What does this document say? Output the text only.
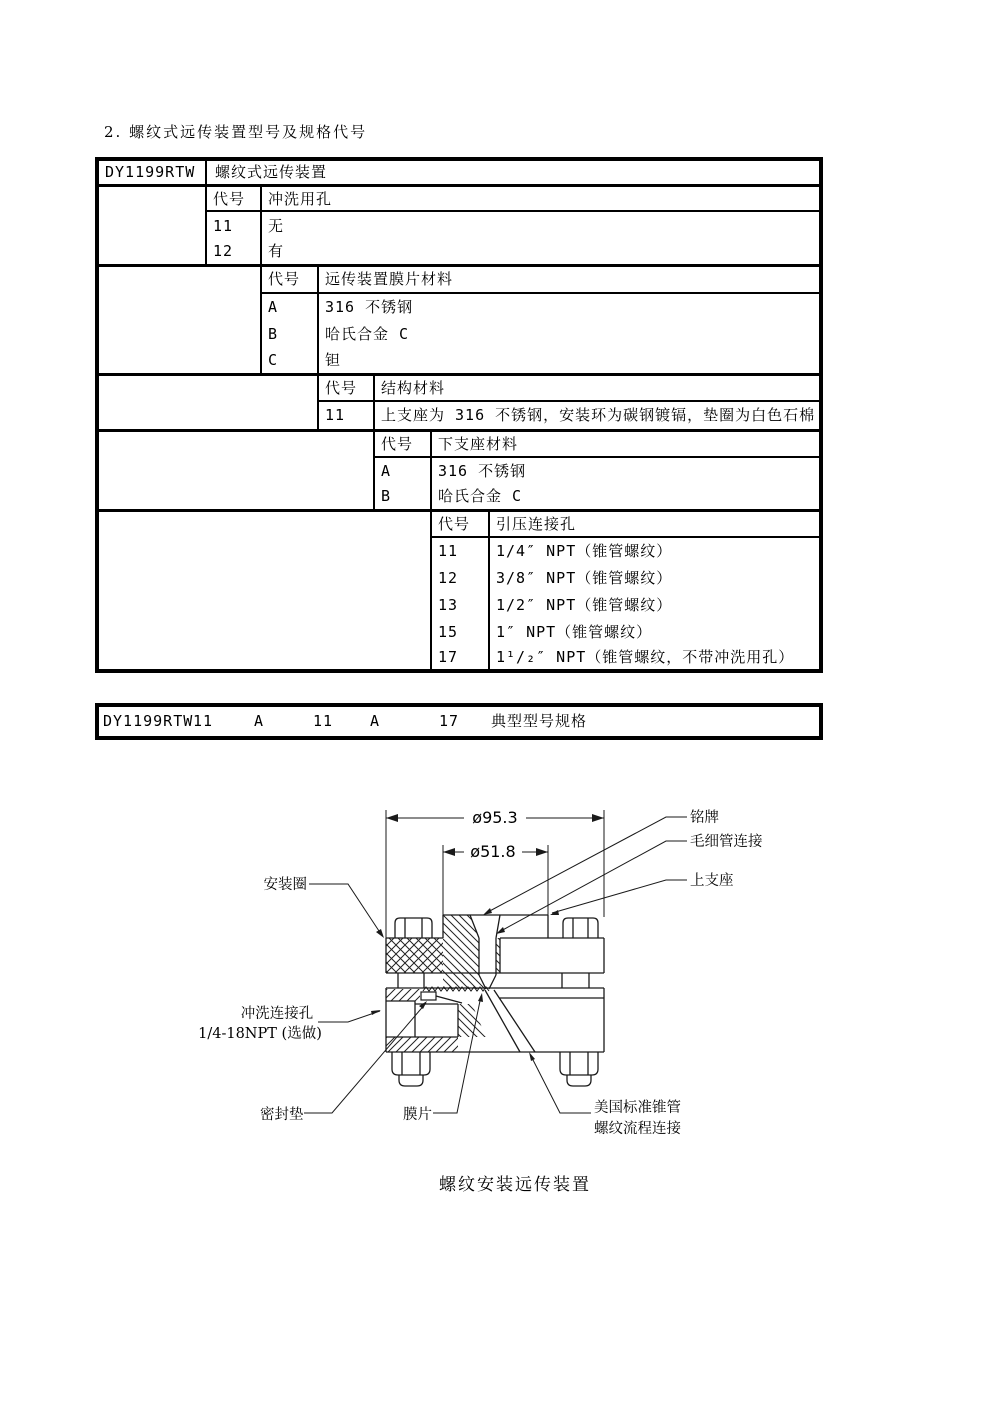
2. 螺纹式远传装置型号及规格代号
DY1199RTW 螺纹式远传装置
代号 冲洗用孔
11 无
12 有
代号 远传装置膜片材料
A	316 不锈钢
B	哈氏合金 C
C	钽
代号 结构材料
11 上支座为 316 不锈钢，安装环为碳钢镀镉，垫圈为白色石棉
代号 下支座材料
A	316 不锈钢
B	哈氏合金 C
代号 引压连接孔
11	1/4″ NPT（锥管螺纹）
12	3/8″ NPT（锥管螺纹）
13	1/2″ NPT（锥管螺纹）
15	1″ NPT（锥管螺纹）
17	1¹/₂″ NPT（锥管螺纹，不带冲洗用孔）
DY1199RTW 11	A	11 A	17 典型型号规格
ø95.3
ø51.8
安装圈
铭牌
毛细管连接
上支座
冲洗连接孔
1/4-18NPT (选做)
密封垫	膜片	美国标准锥管
螺纹流程连接
螺纹安装远传装置
